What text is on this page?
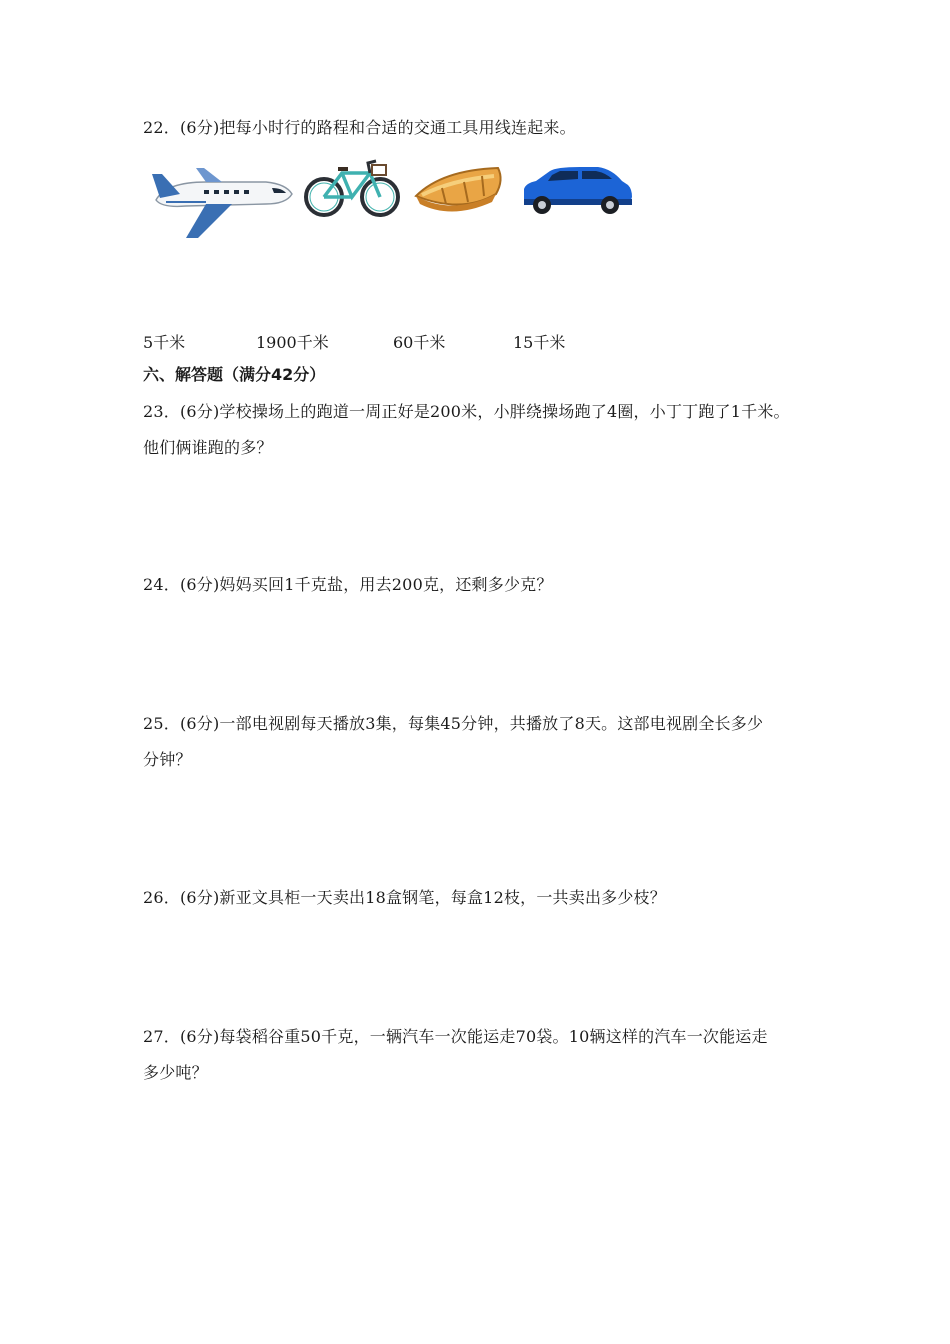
22．(6分)把每小时行的路程和合适的交通工具用线连起来。

5千米	1900千米	60千米	15千米
六、解答题（满分42分）

23．(6分)学校操场上的跑道一周正好是200米，小胖绕操场跑了4圈，小丁丁跑了1千米。

他们俩谁跑的多？

24．(6分)妈妈买回1千克盐，用去200克，还剩多少克？

25．(6分)一部电视剧每天播放3集，每集45分钟，共播放了8天。这部电视剧全长多少

分钟？

26．(6分)新亚文具柜一天卖出18盒钢笔，每盒12枝，一共卖出多少枝？

27．(6分)每袋稻谷重50千克，一辆汽车一次能运走70袋。10辆这样的汽车一次能运走

多少吨？
